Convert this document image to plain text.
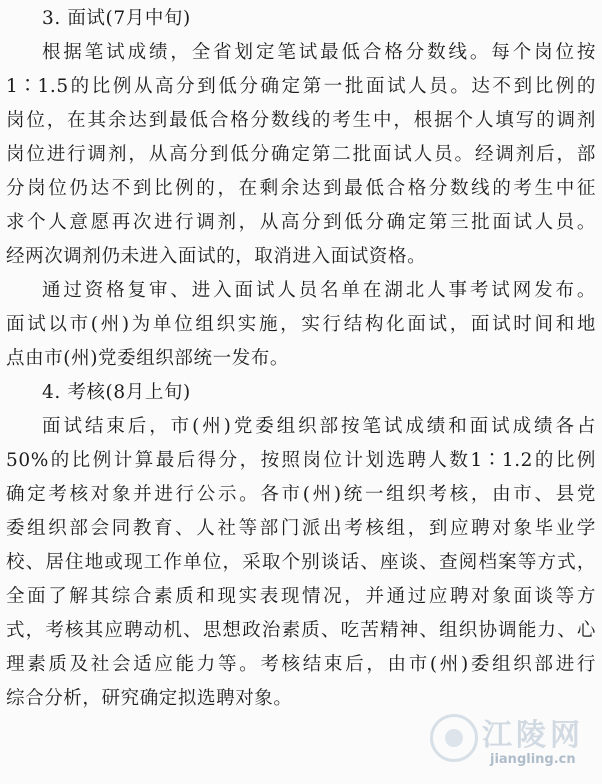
3. 面试(7月中旬)
根据笔试成绩，全省划定笔试最低合格分数线。每个岗位按
1∶1.5的比例从高分到低分确定第一批面试人员。达不到比例的
岗位，在其余达到最低合格分数线的考生中，根据个人填写的调剂
岗位进行调剂，从高分到低分确定第二批面试人员。经调剂后，部
分岗位仍达不到比例的，在剩余达到最低合格分数线的考生中征
求个人意愿再次进行调剂，从高分到低分确定第三批面试人员。
经两次调剂仍未进入面试的，取消进入面试资格。
通过资格复审、进入面试人员名单在湖北人事考试网发布。
面试以市(州)为单位组织实施，实行结构化面试，面试时间和地
点由市(州)党委组织部统一发布。
4. 考核(8月上旬)
面试结束后，市(州)党委组织部按笔试成绩和面试成绩各占
50%的比例计算最后得分，按照岗位计划选聘人数1∶1.2的比例
确定考核对象并进行公示。各市(州)统一组织考核，由市、县党
委组织部会同教育、人社等部门派出考核组，到应聘对象毕业学
校、居住地或现工作单位，采取个别谈话、座谈、查阅档案等方式，
全面了解其综合素质和现实表现情况，并通过应聘对象面谈等方
式，考核其应聘动机、思想政治素质、吃苦精神、组织协调能力、心
理素质及社会适应能力等。考核结束后，由市(州)委组织部进行
综合分析，研究确定拟选聘对象。
江陵网
jiangling.cn
